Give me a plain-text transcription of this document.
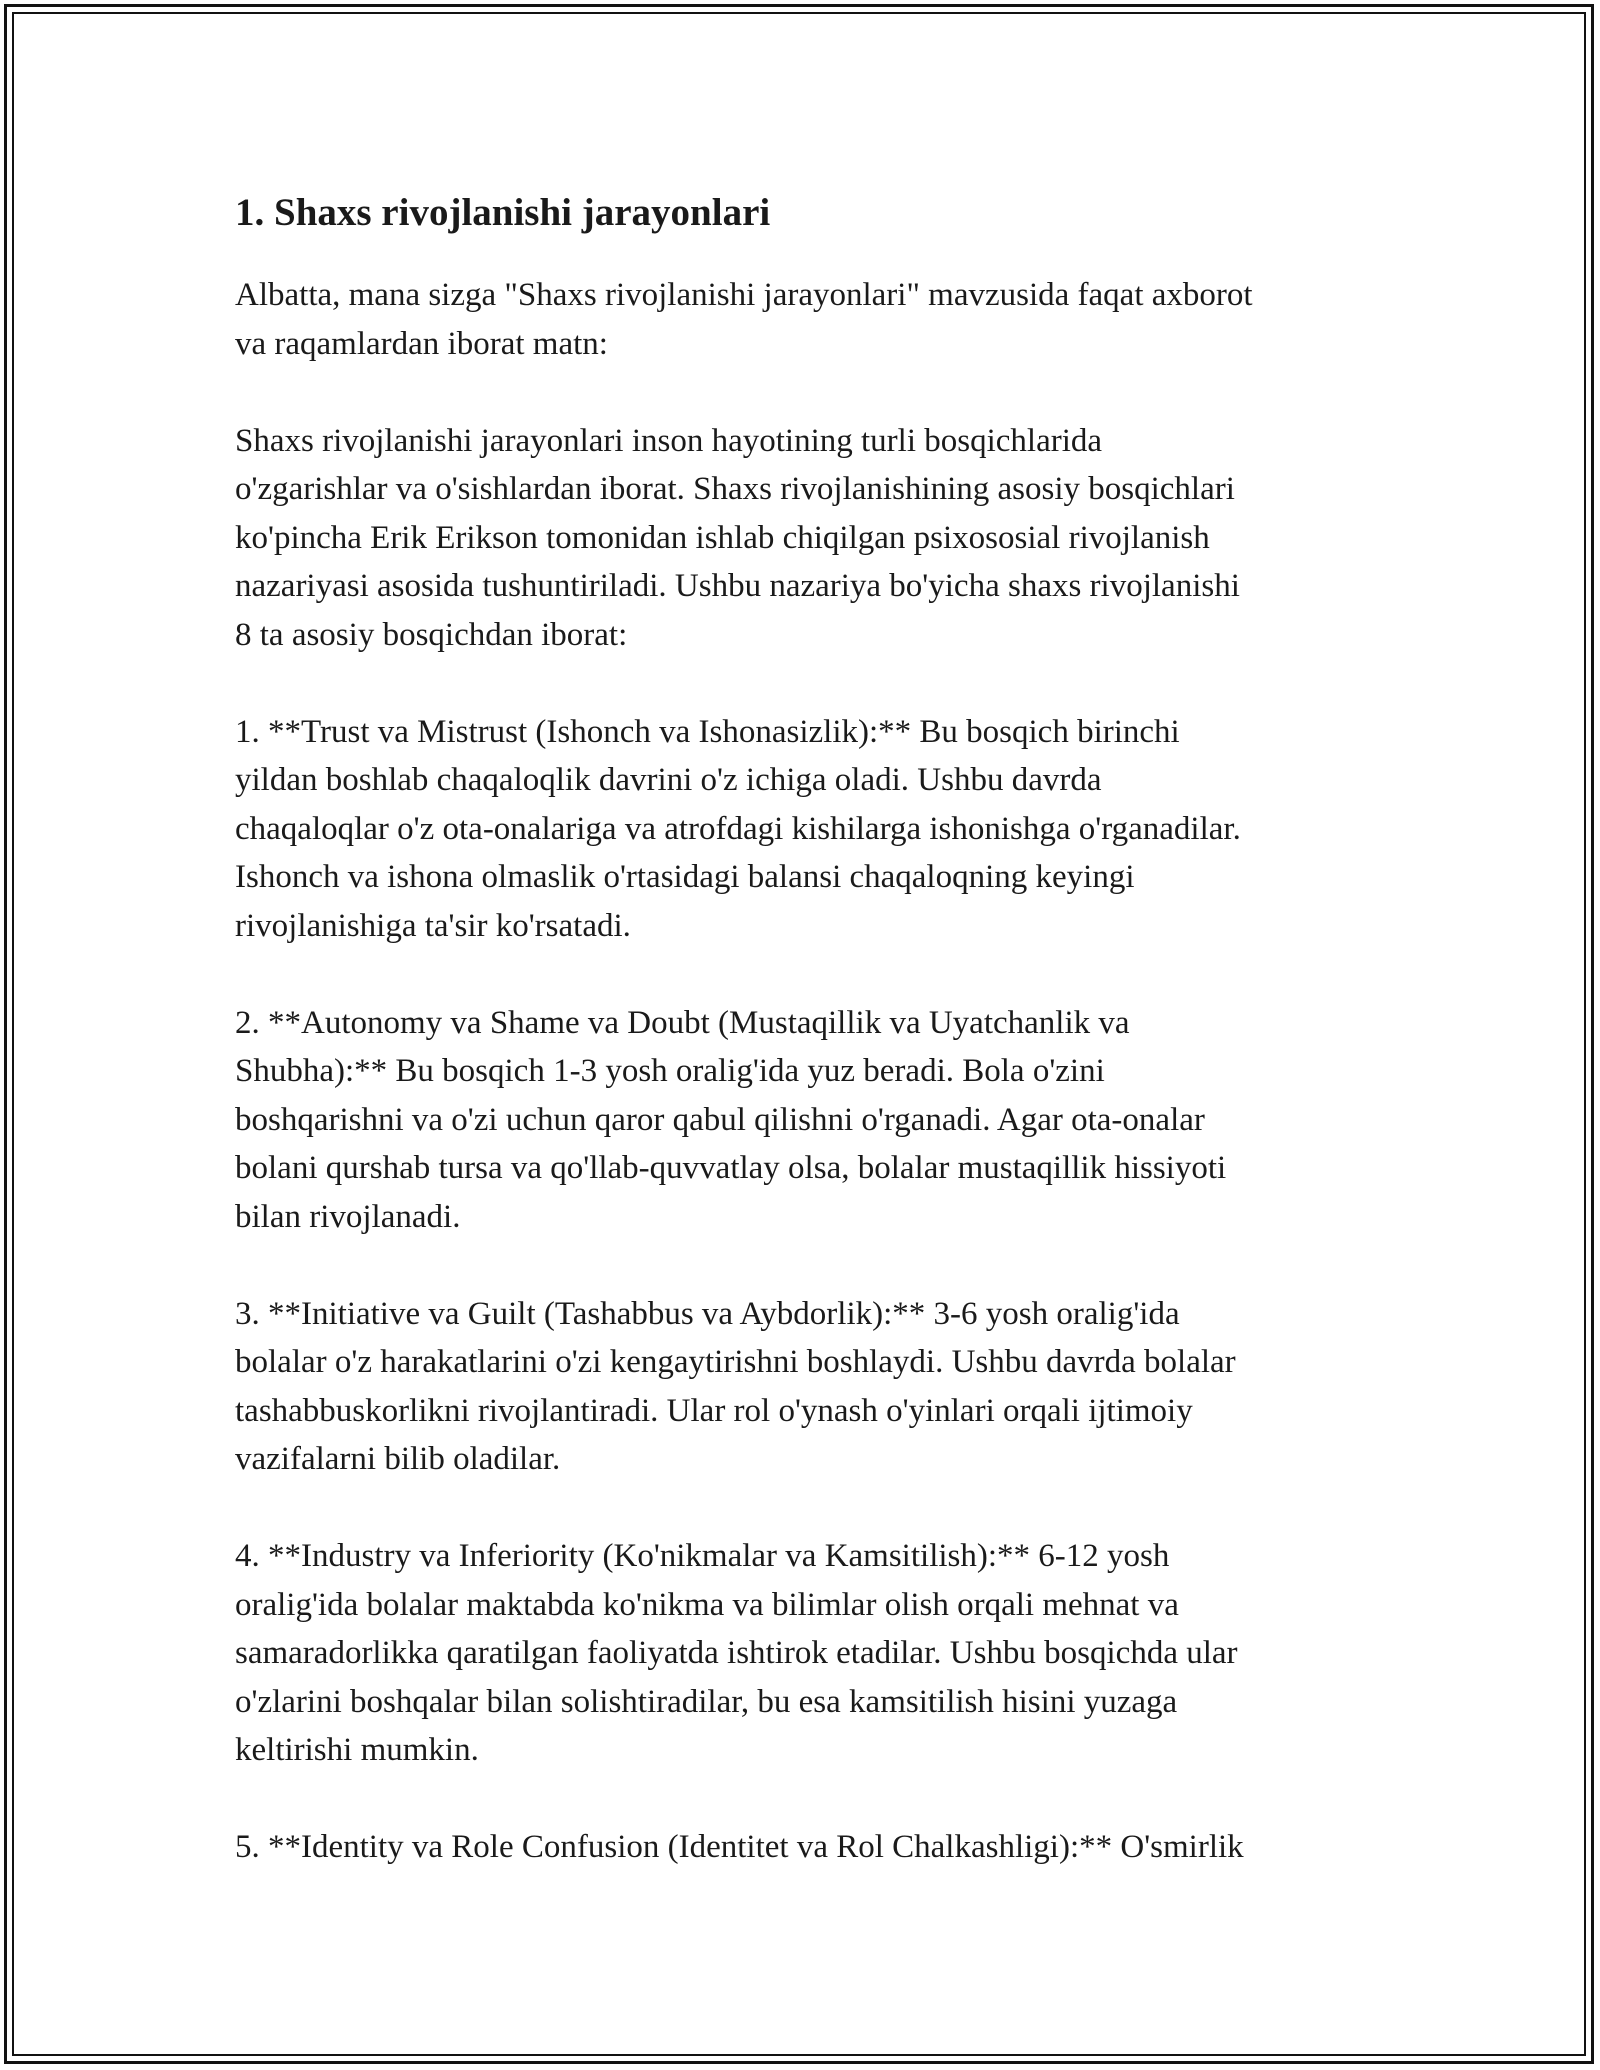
1. Shaxs rivojlanishi jarayonlari
Albatta, mana sizga "Shaxs rivojlanishi jarayonlari" mavzusida faqat axborot
va raqamlardan iborat matn:
Shaxs rivojlanishi jarayonlari inson hayotining turli bosqichlarida
o'zgarishlar va o'sishlardan iborat. Shaxs rivojlanishining asosiy bosqichlari
ko'pincha Erik Erikson tomonidan ishlab chiqilgan psixososial rivojlanish
nazariyasi asosida tushuntiriladi. Ushbu nazariya bo'yicha shaxs rivojlanishi
8 ta asosiy bosqichdan iborat:
1. **Trust va Mistrust (Ishonch va Ishonasizlik):** Bu bosqich birinchi
yildan boshlab chaqaloqlik davrini o'z ichiga oladi. Ushbu davrda
chaqaloqlar o'z ota-onalariga va atrofdagi kishilarga ishonishga o'rganadilar.
Ishonch va ishona olmaslik o'rtasidagi balansi chaqaloqning keyingi
rivojlanishiga ta'sir ko'rsatadi.
2. **Autonomy va Shame va Doubt (Mustaqillik va Uyatchanlik va
Shubha):** Bu bosqich 1-3 yosh oralig'ida yuz beradi. Bola o'zini
boshqarishni va o'zi uchun qaror qabul qilishni o'rganadi. Agar ota-onalar
bolani qurshab tursa va qo'llab-quvvatlay olsa, bolalar mustaqillik hissiyoti
bilan rivojlanadi.
3. **Initiative va Guilt (Tashabbus va Aybdorlik):** 3-6 yosh oralig'ida
bolalar o'z harakatlarini o'zi kengaytirishni boshlaydi. Ushbu davrda bolalar
tashabbuskorlikni rivojlantiradi. Ular rol o'ynash o'yinlari orqali ijtimoiy
vazifalarni bilib oladilar.
4. **Industry va Inferiority (Ko'nikmalar va Kamsitilish):** 6-12 yosh
oralig'ida bolalar maktabda ko'nikma va bilimlar olish orqali mehnat va
samaradorlikka qaratilgan faoliyatda ishtirok etadilar. Ushbu bosqichda ular
o'zlarini boshqalar bilan solishtiradilar, bu esa kamsitilish hisini yuzaga
keltirishi mumkin.
5. **Identity va Role Confusion (Identitet va Rol Chalkashligi):** O'smirlik
